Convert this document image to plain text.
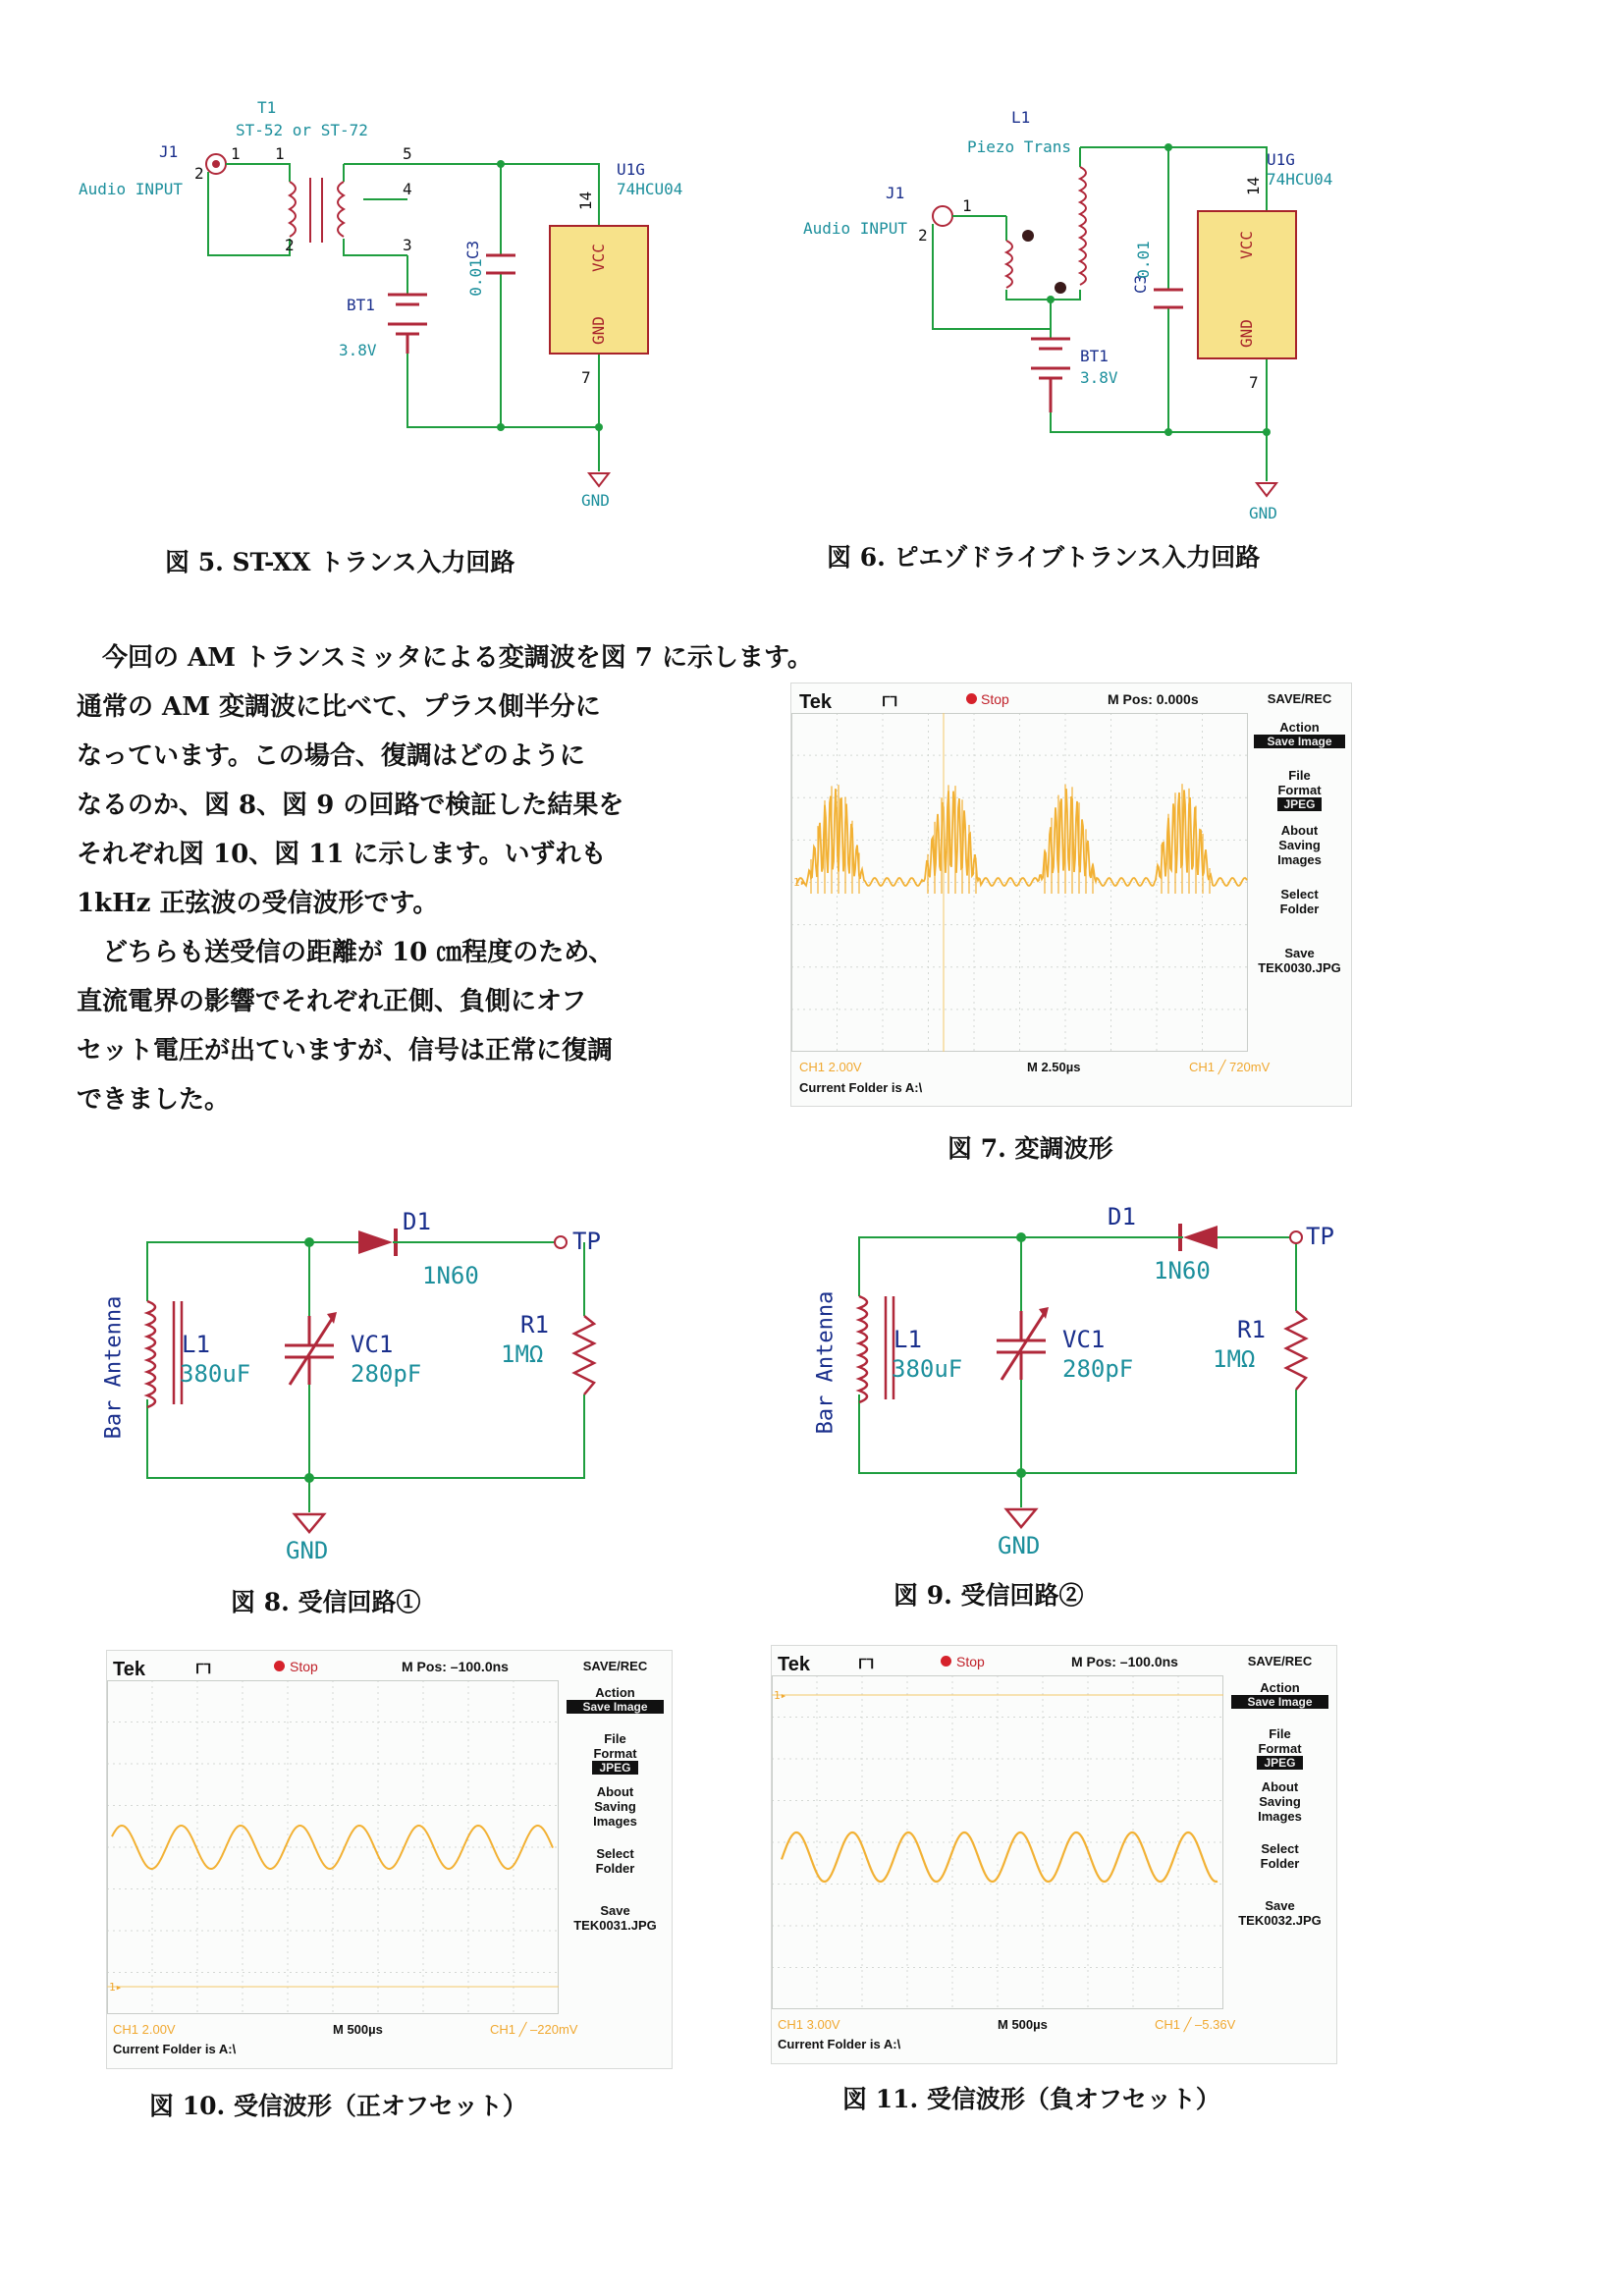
T1
ST-52 or ST-72
J1
Audio INPUT
1 1
2
2	3
4
5
U1G
74HCU04
14
VCC
GND
7
C3
0.01
BT1
3.8V
GND
図 5. ST-XX トランス入力回路
L1
Piezo Trans
J1
Audio INPUT
1
2
U1G
74HCU04
14
VCC
GND
7
C3
0.01
BT1
3.8V
GND
図 6. ピエゾドライブトランス入力回路

今回の AM トランスミッタによる変調波を図 7 に示します。

通常の AM 変調波に比べて、プラス側半分に

なっています。この場合、復調はどのように

なるのか、図 8、図 9 の回路で検証した結果を

それぞれ図 10、図 11 に示します。いずれも

1kHz 正弦波の受信波形です。

どちらも送受信の距離が 10 ㎝程度のため、

直流電界の影響でそれぞれ正側、負側にオフ

セット電圧が出ていますが、信号は正常に復調

できました。

Tek	ᒥᒣ	Stop	M Pos: 0.000s
1▸
SAVE/REC
Action
Save Image
File
Format
JPEG
About
Saving
Images
Select
Folder
Save
TEK0030.JPG
CH1 2.00V	M 2.50µs	CH1 ╱ 720mV
Current Folder is A:\
図 7. 変調波形
Bar Antenna L1
380uF
VC1
280pF
D1
1N60
R1
1MΩ
TP
GND
図 8. 受信回路①
Bar Antenna L1
380uF
VC1
280pF
D1
1N60
R1
1MΩ
TP
GND
図 9. 受信回路②
Tek	ᒥᒣ	Stop	M Pos: –100.0ns
1▸
SAVE/REC
Action
Save Image
File
Format
JPEG
About
Saving
Images
Select
Folder
Save
TEK0031.JPG
CH1 2.00V	M 500µs	CH1 ╱ –220mV
Current Folder is A:\
図 10. 受信波形（正オフセット）
Tek	ᒥᒣ	Stop	M Pos: –100.0ns
1▸
SAVE/REC
Action
Save Image
File
Format
JPEG
About
Saving
Images
Select
Folder
Save
TEK0032.JPG
CH1 3.00V	M 500µs	CH1 ╱ –5.36V
Current Folder is A:\
図 11. 受信波形（負オフセット）
